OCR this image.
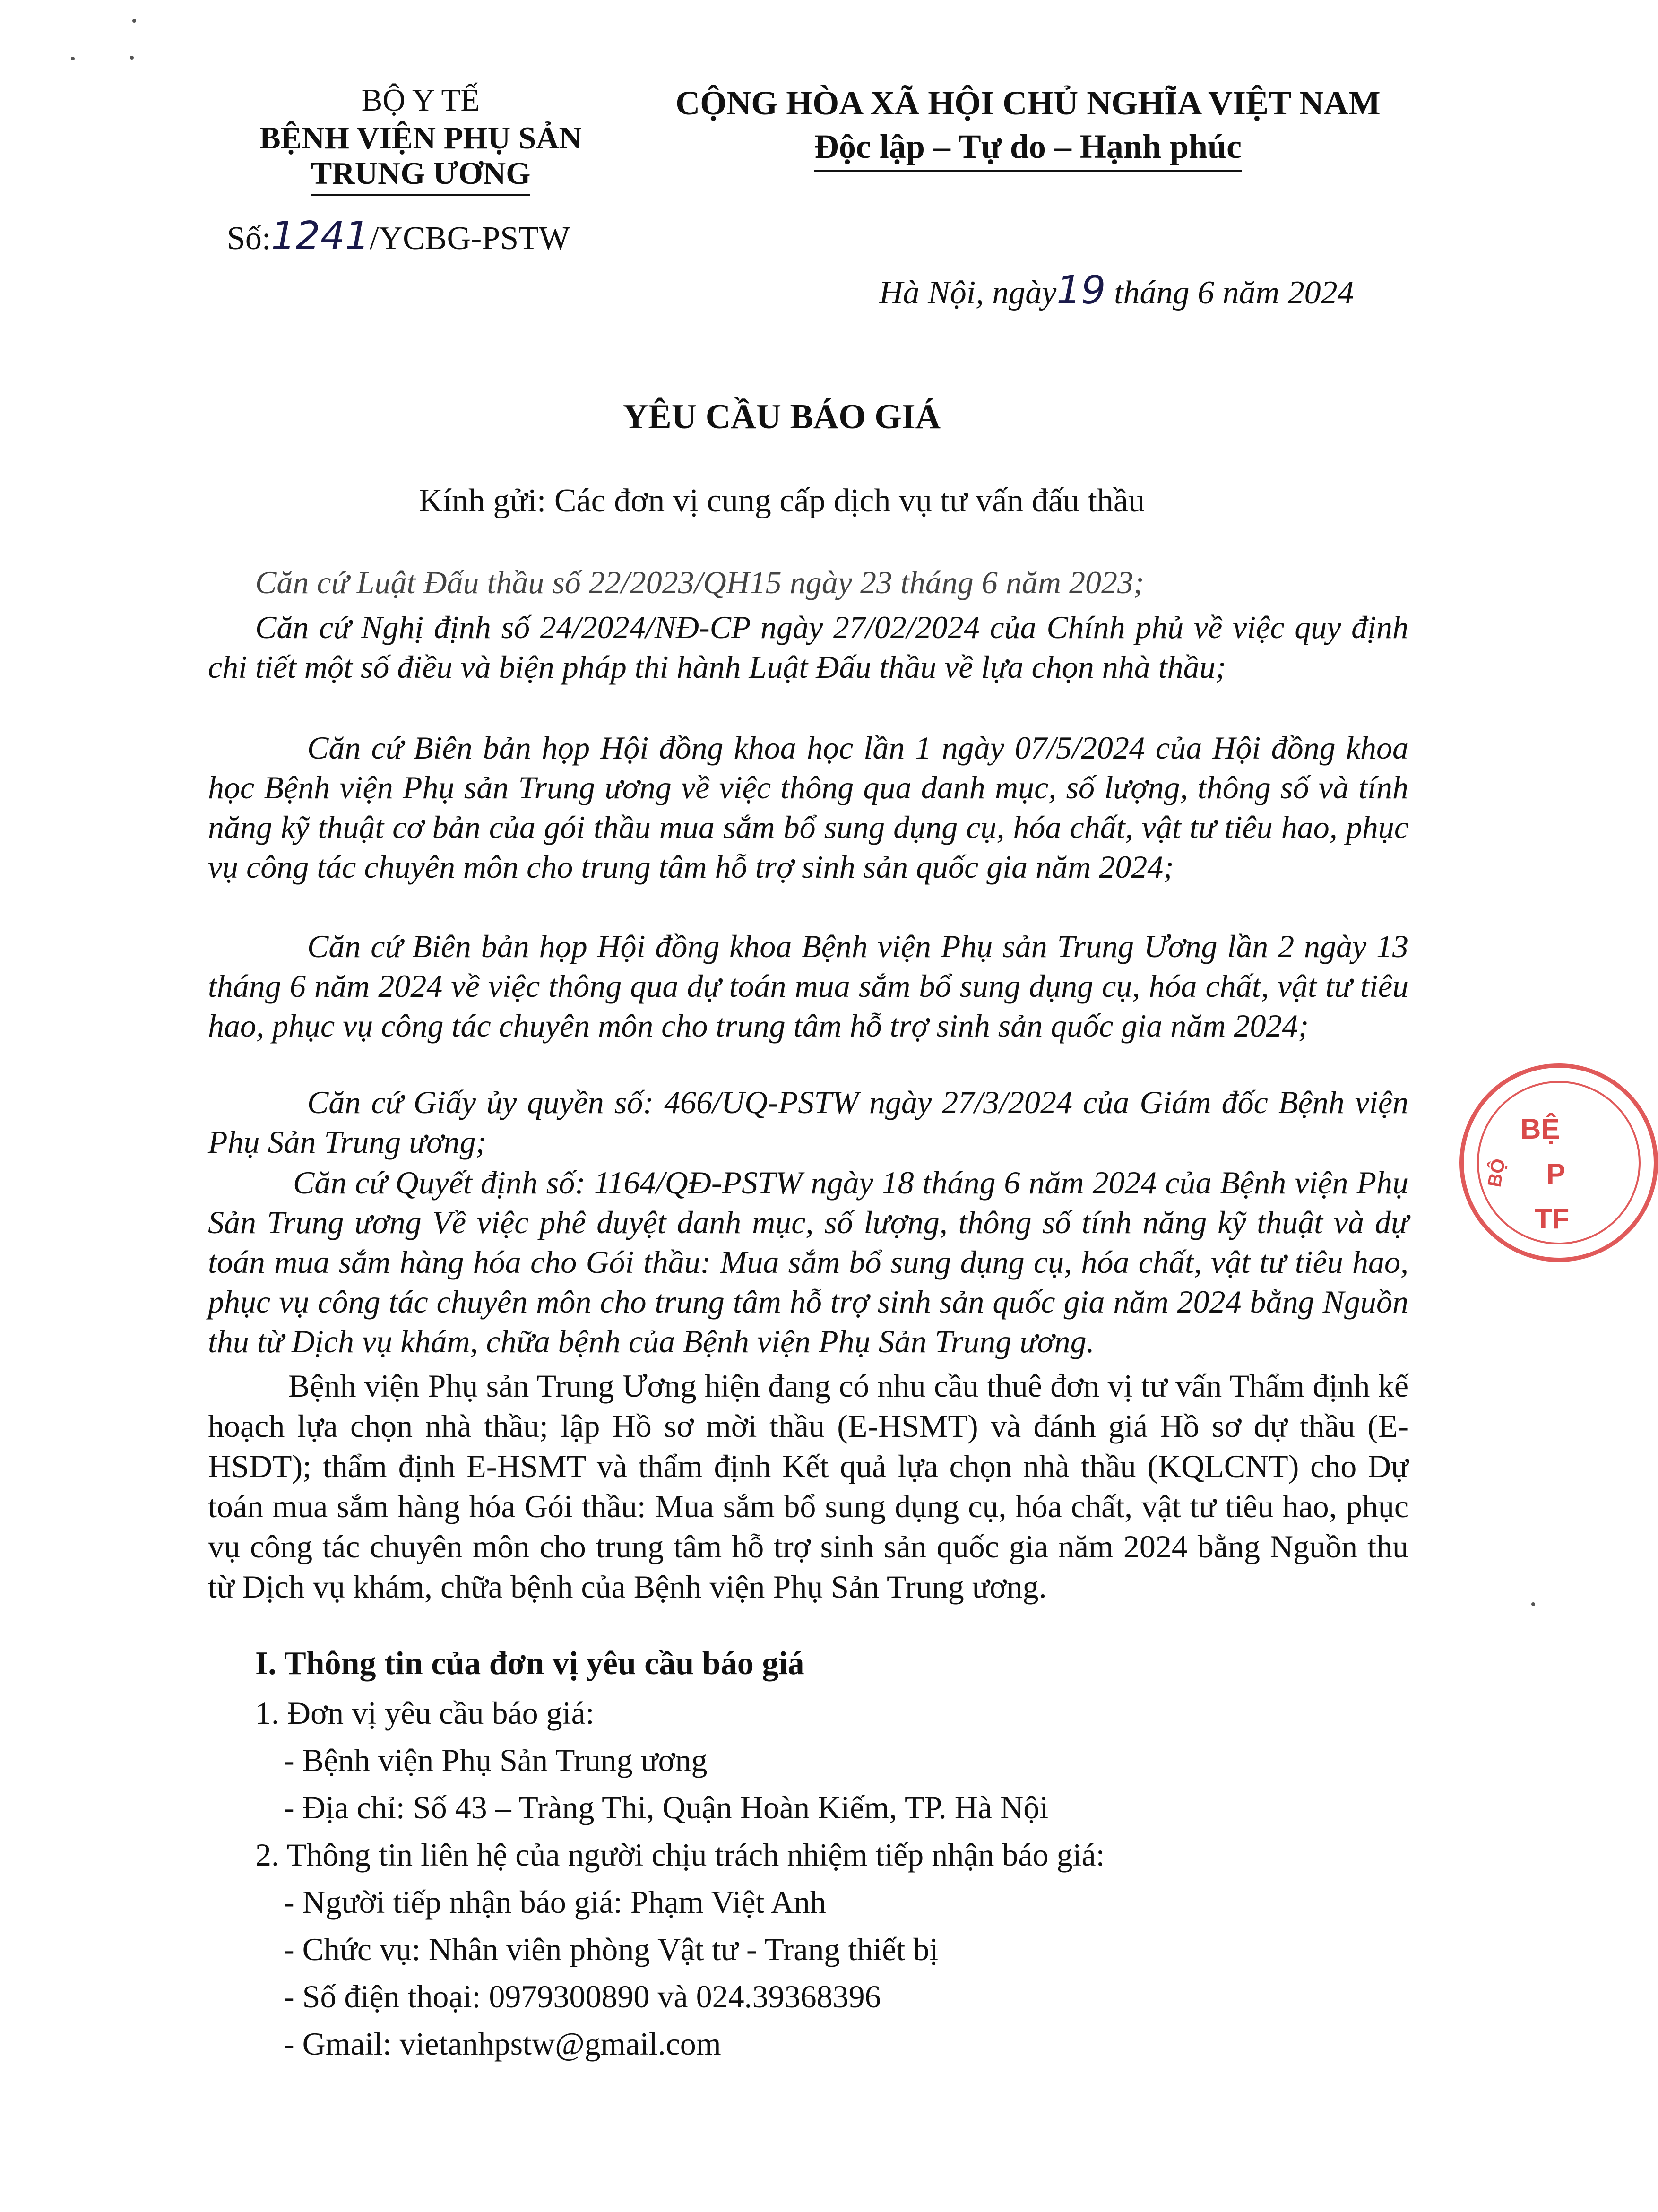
BỘ Y TẾ
BỆNH VIỆN PHỤ SẢN
TRUNG ƯƠNG
Số:1241/YCBG-PSTW
CỘNG HÒA XÃ HỘI CHỦ NGHĨA VIỆT NAM
Độc lập – Tự do – Hạnh phúc
Hà Nội, ngày19 tháng 6 năm 2024
YÊU CẦU BÁO GIÁ
Kính gửi: Các đơn vị cung cấp dịch vụ tư vấn đấu thầu
Căn cứ Luật Đấu thầu số 22/2023/QH15 ngày 23 tháng 6 năm 2023;
Căn cứ Nghị định số 24/2024/NĐ-CP ngày 27/02/2024 của Chính phủ về việc quy định chi tiết một số điều và biện pháp thi hành Luật Đấu thầu về lựa chọn nhà thầu;
Căn cứ Biên bản họp Hội đồng khoa học lần 1 ngày 07/5/2024 của Hội đồng khoa học Bệnh viện Phụ sản Trung ương về việc thông qua danh mục, số lượng, thông số và tính năng kỹ thuật cơ bản của gói thầu mua sắm bổ sung dụng cụ, hóa chất, vật tư tiêu hao, phục vụ công tác chuyên môn cho trung tâm hỗ trợ sinh sản quốc gia năm 2024;
Căn cứ Biên bản họp Hội đồng khoa Bệnh viện Phụ sản Trung Ương lần 2 ngày 13 tháng 6 năm 2024 về việc thông qua dự toán mua sắm bổ sung dụng cụ, hóa chất, vật tư tiêu hao, phục vụ công tác chuyên môn cho trung tâm hỗ trợ sinh sản quốc gia năm 2024;
Căn cứ Giấy ủy quyền số: 466/UQ-PSTW ngày 27/3/2024 của Giám đốc Bệnh viện Phụ Sản Trung ương;
Căn cứ Quyết định số: 1164/QĐ-PSTW ngày 18 tháng 6 năm 2024 của Bệnh viện Phụ Sản Trung ương Về việc phê duyệt danh mục, số lượng, thông số tính năng kỹ thuật và dự toán mua sắm hàng hóa cho Gói thầu: Mua sắm bổ sung dụng cụ, hóa chất, vật tư tiêu hao, phục vụ công tác chuyên môn cho trung tâm hỗ trợ sinh sản quốc gia năm 2024 bằng Nguồn thu từ Dịch vụ khám, chữa bệnh của Bệnh viện Phụ Sản Trung ương.
Bệnh viện Phụ sản Trung Ương hiện đang có nhu cầu thuê đơn vị tư vấn Thẩm định kế hoạch lựa chọn nhà thầu; lập Hồ sơ mời thầu (E-HSMT) và đánh giá Hồ sơ dự thầu (E-HSDT); thẩm định E-HSMT và thẩm định Kết quả lựa chọn nhà thầu (KQLCNT) cho Dự toán mua sắm hàng hóa Gói thầu: Mua sắm bổ sung dụng cụ, hóa chất, vật tư tiêu hao, phục vụ công tác chuyên môn cho trung tâm hỗ trợ sinh sản quốc gia năm 2024 bằng Nguồn thu từ Dịch vụ khám, chữa bệnh của Bệnh viện Phụ Sản Trung ương.
I. Thông tin của đơn vị yêu cầu báo giá
1. Đơn vị yêu cầu báo giá:
- Bệnh viện Phụ Sản Trung ương
- Địa chỉ: Số 43 – Tràng Thi, Quận Hoàn Kiếm, TP. Hà Nội
2. Thông tin liên hệ của người chịu trách nhiệm tiếp nhận báo giá:
- Người tiếp nhận báo giá: Phạm Việt Anh
- Chức vụ: Nhân viên phòng Vật tư - Trang thiết bị
- Số điện thoại: 0979300890 và 024.39368396
- Gmail: vietanhpstw@gmail.com
BỆ
P
TF
BỘ
